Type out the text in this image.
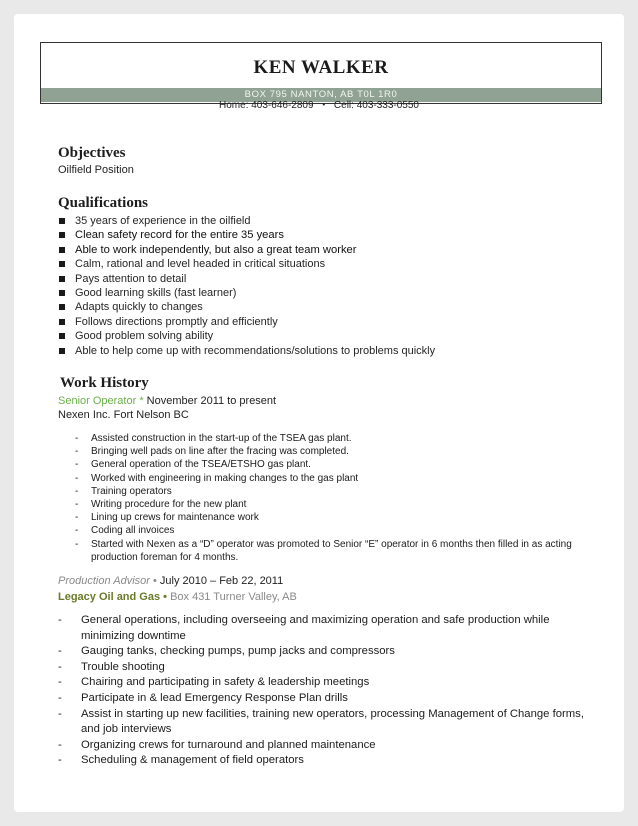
KEN WALKER
BOX 795 NANTON, AB T0L 1R0
Home: 403-646-2809 • Cell: 403-333-0550
Objectives
Oilfield Position
Qualifications
35 years of experience in the oilfield
Clean safety record for the entire 35 years
Able to work independently, but also a great team worker
Calm, rational and level headed in critical situations
Pays attention to detail
Good learning skills (fast learner)
Adapts quickly to changes
Follows directions promptly and efficiently
Good problem solving ability
Able to help come up with recommendations/solutions to problems quickly
Work History
Senior Operator * November 2011 to present
Nexen Inc. Fort Nelson BC
- Assisted construction in the start-up of the TSEA gas plant.
- Bringing well pads on line after the fracing was completed.
- General operation of the TSEA/ETSHO gas plant.
- Worked with engineering in making changes to the gas plant
- Training operators
- Writing procedure for the new plant
- Lining up crews for maintenance work
- Coding all invoices
- Started with Nexen as a “D” operator was promoted to Senior “E” operator in 6 months then filled in as acting production foreman for 4 months.
Production Advisor • July 2010 – Feb 22, 2011
Legacy Oil and Gas • Box 431 Turner Valley, AB
- General operations, including overseeing and maximizing operation and safe production while minimizing downtime
- Gauging tanks, checking pumps, pump jacks and compressors
- Trouble shooting
- Chairing and participating in safety & leadership meetings
- Participate in & lead Emergency Response Plan drills
- Assist in starting up new facilities, training new operators, processing Management of Change forms, and job interviews
- Organizing crews for turnaround and planned maintenance
- Scheduling & management of field operators
